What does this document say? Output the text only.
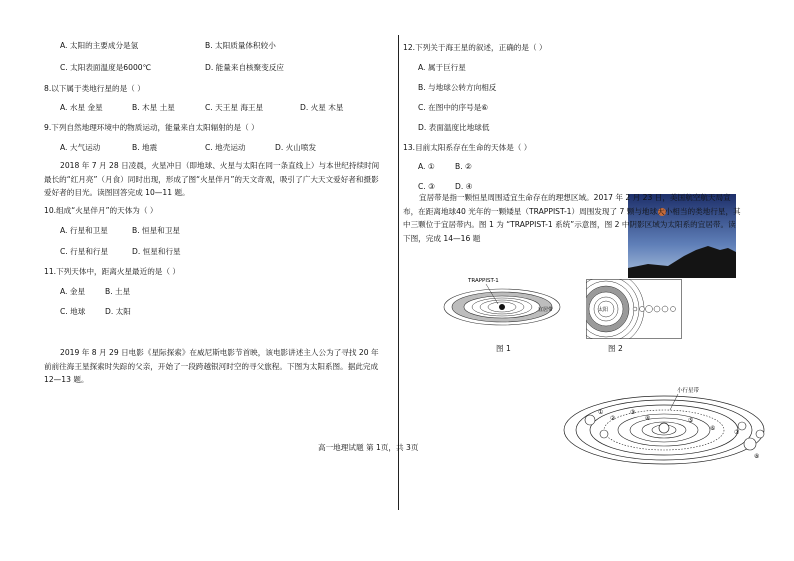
A. 太阳的主要成分是氢	B. 太阳质量体积较小
C. 太阳表面温度是6000℃	D. 能量来自核聚变反应
8.以下属于类地行星的是（ ）
A. 水星 金星	B. 木星 土星	C. 天王星 海王星	D. 火星 木星
9.下列自然地理环境中的物质运动，能量来自太阳辐射的是（ ）
A. 大气运动	B. 地震	C. 地壳运动	D. 火山喷发
2018 年 7 月 28 日凌晨，火星冲日（即地球、火星与太阳在同一条直线上）与本世纪持续时间最长的“红月亮”（月食）同时出现，形成了图“火星伴月”的天文奇观，吸引了广大天文爱好者和摄影爱好者的目光。读图回答完成 10—11 题。
10.组成“火星伴月”的天体为（ ）
A. 行星和卫星	B. 恒星和卫星
C. 行星和行星	D. 恒星和行星
11.下列天体中，距离火星最近的是（ ）
A. 金星	B. 土星
C. 地球	D. 太阳
2019 年 8 月 29 日电影《星际探索》在威尼斯电影节首映，该电影讲述主人公为了寻找 20 年前前往海王星探索时失踪的父亲，开始了一段跨越银河时空的寻父旅程。下图为太阳系图。据此完成 12—13 题。
高一地理试题 第 1页，共 3页
12.下列关于海王星的叙述，正确的是（ ）
A. 属于巨行星
B. 与地球公转方向相反
C. 在图中的序号是⑥
D. 表面温度比地球低
13.目前太阳系存在生命的天体是（ ）
A. ①	B. ②
C. ③	D. ④
宜居带是指一颗恒星周围适宜生命存在的理想区域。2017 年 2 月 23 日，美国航空航天局宣布，在距离地球40 光年的一颗矮星（TRAPPIST-1）周围发现了 7 颗与地球大小相当的类地行星，其中三颗位于宜居带内。图 1 为 “TRAPPIST-1 系统”示意图，图 2 中阴影区域为太阳系的宜居带。读下图，完成 14—16 题
TRAPPIST-1
宜居带
图 1
太阳
图 2
小行星带
①
②
③
④	⑤
⑥
⑦
⑧
